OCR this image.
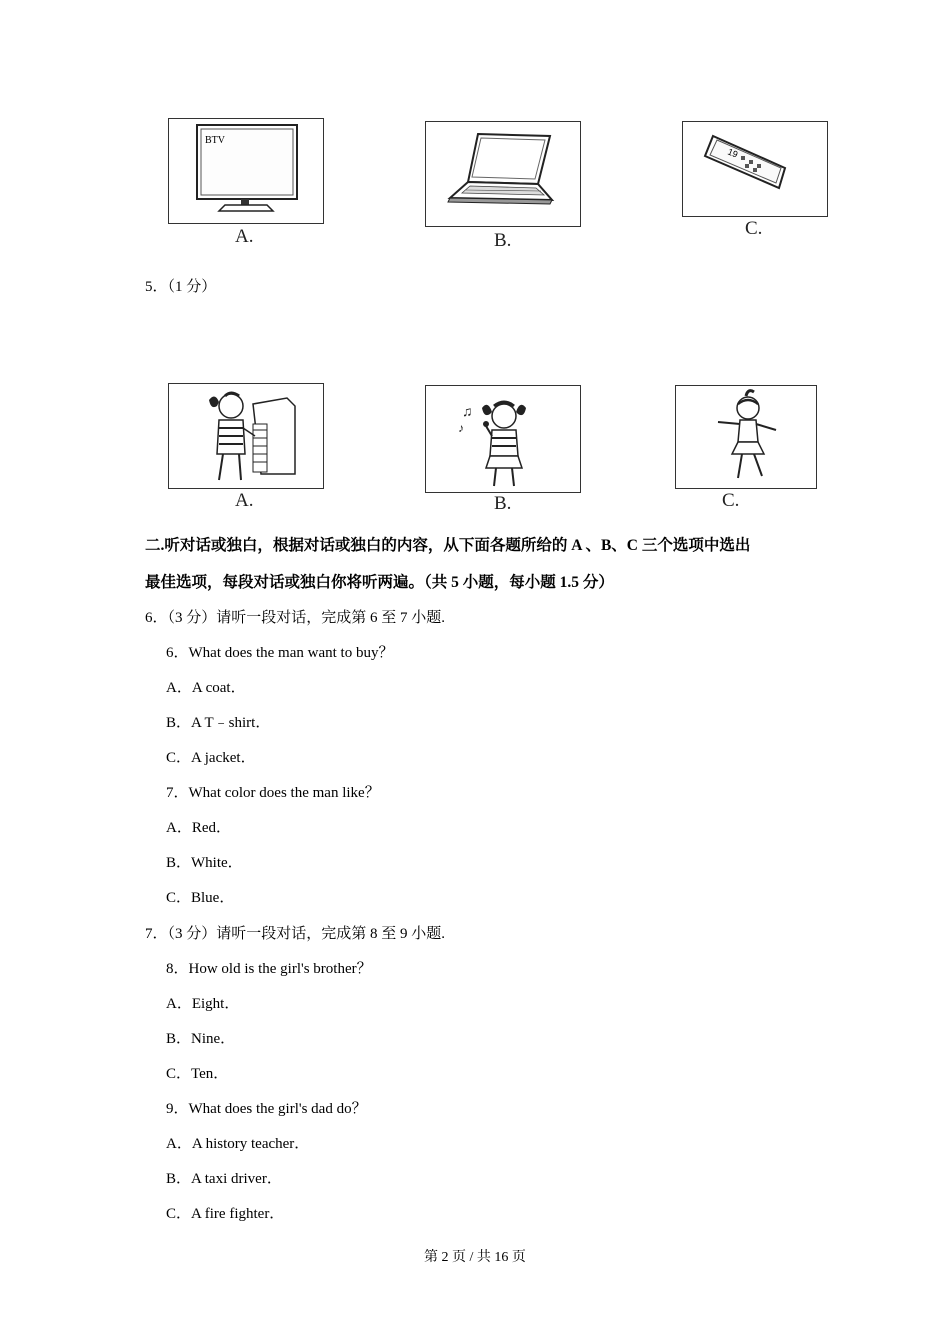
BTV
A.	B.
19
C.
5．（1 分）
A.
♫
♪
B.	C.
二.听对话或独白，根据对话或独白的内容，从下面各题所给的 A 、B、C 三个选项中选出
最佳选项，每段对话或独白你将听两遍。（共 5 小题，每小题 1.5 分）
6．（3 分）请听一段对话，完成第 6 至 7 小题.
6．What does the man want to buy？
A．A coat．
B．A T﹣shirt．
C．A jacket．
7．What color does the man like？
A．Red．
B．White．
C．Blue．
7．（3 分）请听一段对话，完成第 8 至 9 小题.
8．How old is the girl's brother？
A．Eight．
B．Nine．
C．Ten．
9．What does the girl's dad do？
A．A history teacher．
B．A taxi driver．
C．A fire fighter．
第 2 页 / 共 16 页
